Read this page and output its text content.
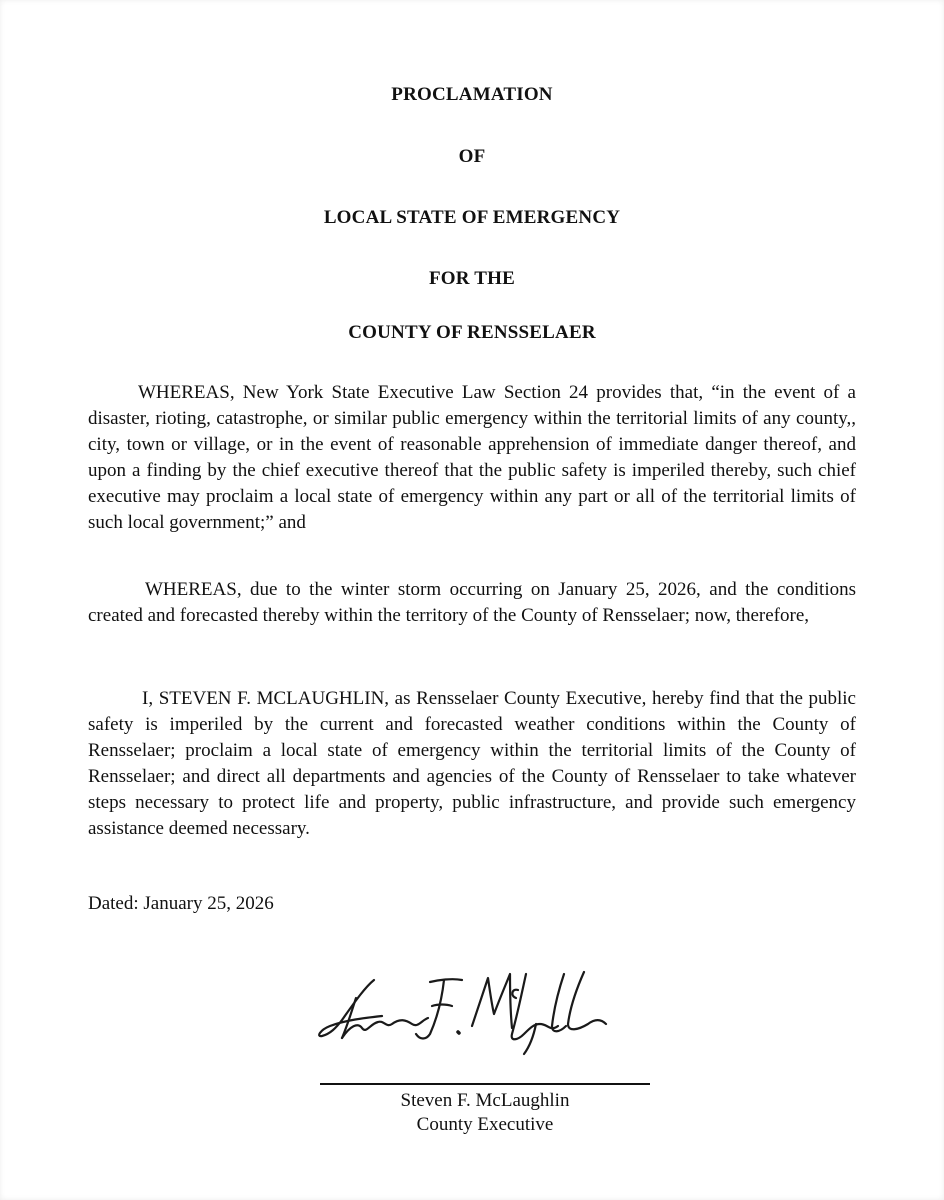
PROCLAMATION
OF
LOCAL STATE OF EMERGENCY
FOR THE
COUNTY OF RENSSELAER

WHEREAS, New York State Executive Law Section 24 provides that, “in the event of a disaster, rioting, catastrophe, or similar public emergency within the territorial limits of any county,, city, town or village, or in the event of reasonable apprehension of immediate danger thereof, and upon a finding by the chief executive thereof that the public safety is imperiled thereby, such chief executive may proclaim a local state of emergency within any part or all of the territorial limits of such local government;” and

WHEREAS, due to the winter storm occurring on January 25, 2026, and the conditions created and forecasted thereby within the territory of the County of Rensselaer; now, therefore,

I, STEVEN F. MCLAUGHLIN, as Rensselaer County Executive, hereby find that the public safety is imperiled by the current and forecasted weather conditions within the County of Rensselaer; proclaim a local state of emergency within the territorial limits of the County of Rensselaer; and direct all departments and agencies of the County of Rensselaer to take whatever steps necessary to protect life and property, public infrastructure, and provide such emergency assistance deemed necessary.

Dated: January 25, 2026
Steven F. McLaughlin
County Executive
